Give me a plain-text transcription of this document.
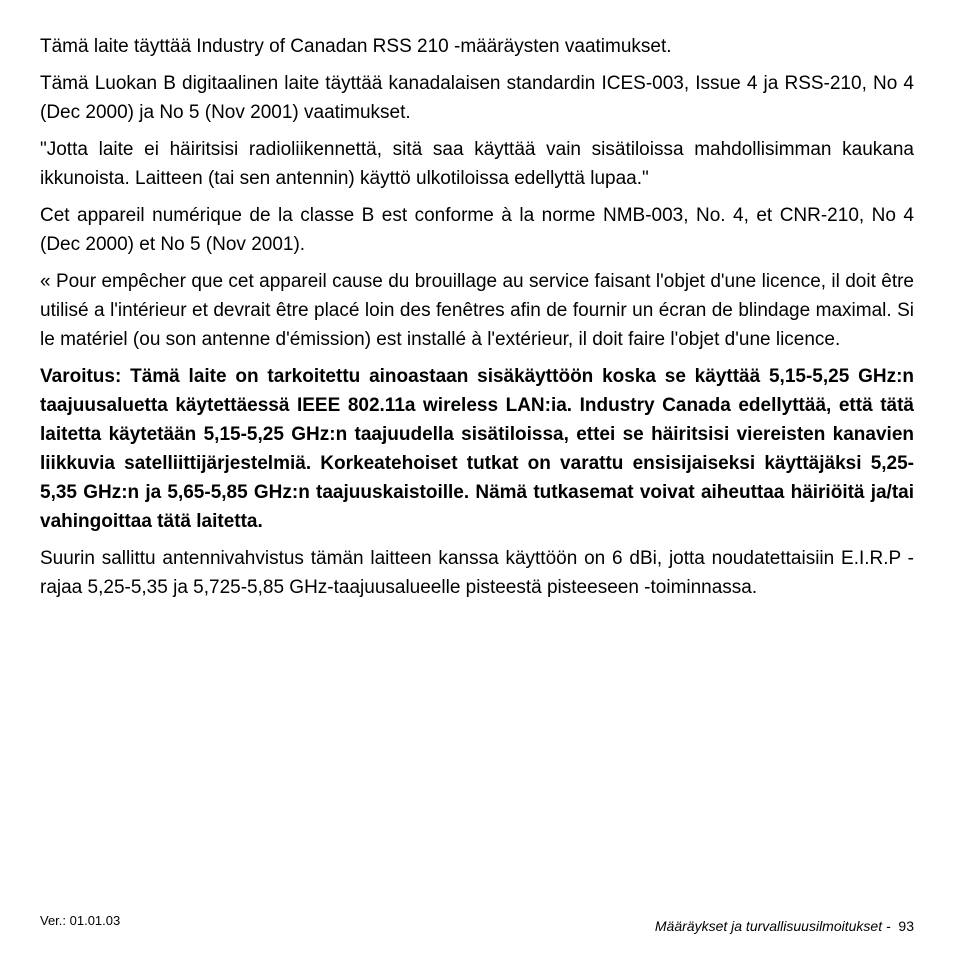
Tämä laite täyttää Industry of Canadan RSS 210 -määräysten vaatimukset.

Tämä Luokan B digitaalinen laite täyttää kanadalaisen standardin ICES-003, Issue 4 ja RSS-210, No 4 (Dec 2000) ja No 5 (Nov 2001) vaatimukset.

"Jotta laite ei häiritsisi radioliikennettä, sitä saa käyttää vain sisätiloissa mahdollisimman kaukana ikkunoista. Laitteen (tai sen antennin) käyttö ulkotiloissa edellyttä lupaa."

Cet appareil numérique de la classe B est conforme à la norme NMB-003, No. 4, et CNR-210, No 4 (Dec 2000) et No 5 (Nov 2001).

« Pour empêcher que cet appareil cause du brouillage au service faisant l'objet d'une licence, il doit être utilisé a l'intérieur et devrait être placé loin des fenêtres afin de fournir un écran de blindage maximal. Si le matériel (ou son antenne d'émission) est installé à l'extérieur, il doit faire l'objet d'une licence.

Varoitus: Tämä laite on tarkoitettu ainoastaan sisäkäyttöön koska se käyttää 5,15-5,25 GHz:n taajuusaluetta käytettäessä IEEE 802.11a wireless LAN:ia. Industry Canada edellyttää, että tätä laitetta käytetään 5,15-5,25 GHz:n taajuudella sisätiloissa, ettei se häiritsisi viereisten kanavien liikkuvia satelliittijärjestelmiä. Korkeatehoiset tutkat on varattu ensisijaiseksi käyttäjäksi 5,25-5,35 GHz:n ja 5,65-5,85 GHz:n taajuuskaistoille. Nämä tutkasemat voivat aiheuttaa häiriöitä ja/tai vahingoittaa tätä laitetta.

Suurin sallittu antennivahvistus tämän laitteen kanssa käyttöön on 6 dBi, jotta noudatettaisiin E.I.R.P -rajaa 5,25-5,35 ja 5,725-5,85 GHz-taajuusalueelle pisteestä pisteeseen -toiminnassa.

Ver.: 01.01.03	Määräykset ja turvallisuusilmoitukset - 93
